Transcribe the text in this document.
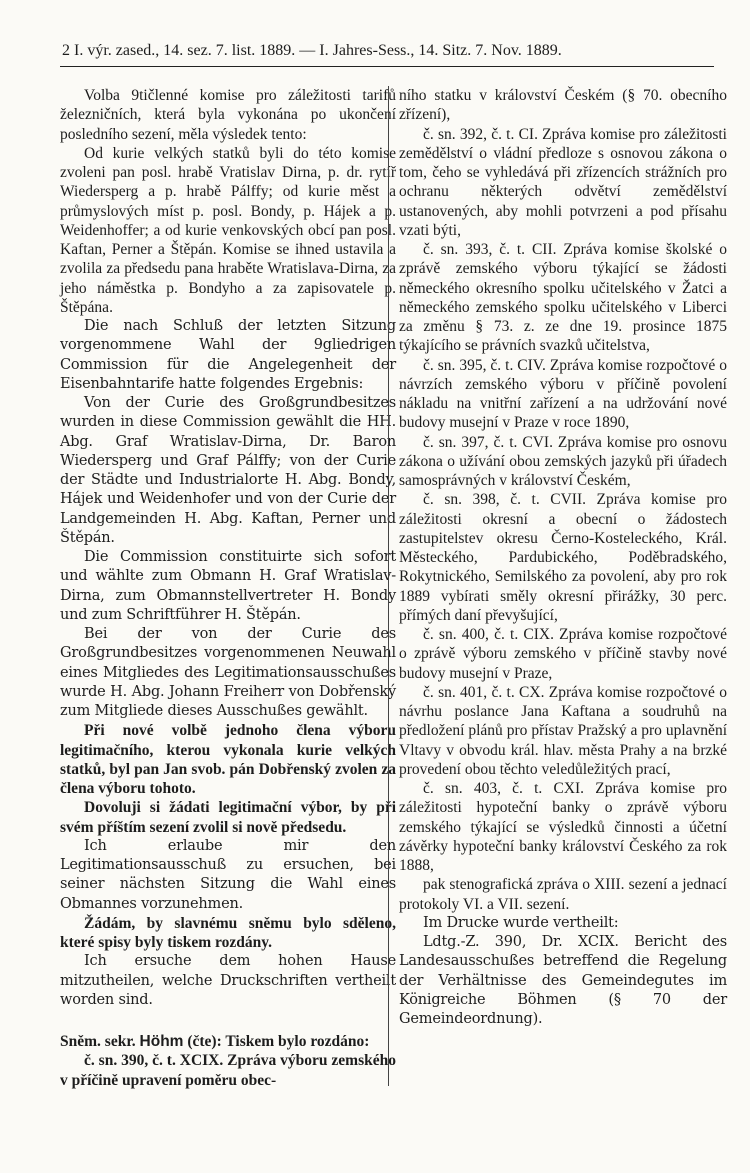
2 I. výr. zased., 14. sez. 7. list. 1889. — I. Jahres-Sess., 14. Sitz. 7. Nov. 1889.

Volba 9tičlenné komise pro záležitosti tarifů železničních, která byla vykonána po ukončení posledního sezení, měla výsledek tento:

Od kurie velkých statků byli do této komise zvoleni pan posl. hrabě Vratislav Dirna, p. dr. rytíř Wiedersperg a p. hrabě Pálffy; od kurie měst a průmyslových míst p. posl. Bondy, p. Hájek a p. Weidenhoffer; a od kurie venkovských obcí pan posl. Kaftan, Perner a Štěpán. Komise se ihned ustavila a zvolila za předsedu pana hraběte Wratislava-Dirna, za jeho náměstka p. Bondyho a za zapisovatele p. Štěpána.

Die nach Schluß der letzten Sitzung vorgenommene Wahl der 9gliedrigen Commission für die Angelegenheit der Eisenbahntarife hatte folgendes Ergebnis:

Von der Curie des Großgrundbesitzes wurden in diese Commission gewählt die HH. Abg. Graf Wratislav-Dirna, Dr. Baron Wiedersperg und Graf Pálffy; von der Curie der Städte und Industrialorte H. Abg. Bondy, Hájek und Weidenhofer und von der Curie der Landgemeinden H. Abg. Kaftan, Perner und Štěpán.

Die Commission constituirte sich sofort und wählte zum Obmann H. Graf Wratislav-Dirna, zum Obmannstellvertreter H. Bondy und zum Schriftführer H. Štěpán.

Bei der von der Curie des Großgrundbesitzes vorgenommenen Neuwahl eines Mitgliedes des Legitimationsausschußes wurde H. Abg. Johann Freiherr von Dobřenský zum Mitgliede dieses Ausschußes gewählt.

Při nové volbě jednoho člena výboru legitimačního, kterou vykonala kurie velkých statků, byl pan Jan svob. pán Dobřenský zvolen za člena výboru tohoto.

Dovoluji si žádati legitimační výbor, by při svém příštím sezení zvolil si nově předsedu.

Ich erlaube mir den Legitimationsausschuß zu ersuchen, bei seiner nächsten Sitzung die Wahl eines Obmannes vorzunehmen.

Žádám, by slavnému sněmu bylo sděleno, které spisy byly tiskem rozdány.

Ich ersuche dem hohen Hause mitzutheilen, welche Druckschriften vertheilt worden sind.

Sněm. sekr. Höhm (čte): Tiskem bylo rozdáno:

č. sn. 390, č. t. XCIX. Zpráva výboru zemského v příčině upravení poměru obec-

ního statku v království Českém (§ 70. obecního zřízení),

č. sn. 392, č. t. CI. Zpráva komise pro záležitosti zemědělství o vládní předloze s osnovou zákona o tom, čeho se vyhledává při zřízencích strážních pro ochranu některých odvětví zemědělství ustanovených, aby mohli potvrzeni a pod přísahu vzati býti,

č. sn. 393, č. t. CII. Zpráva komise školské o zprávě zemského výboru týkající se žádosti německého okresního spolku učitelského v Žatci a německého zemského spolku učitelského v Liberci za změnu § 73. z. ze dne 19. prosince 1875 týkajícího se právních svazků učitelstva,

č. sn. 395, č. t. CIV. Zpráva komise rozpočtové o návrzích zemského výboru v příčině povolení nákladu na vnitřní zařízení a na udržování nové budovy musejní v Praze v roce 1890,

č. sn. 397, č. t. CVI. Zpráva komise pro osnovu zákona o užívání obou zemských jazyků při úřadech samosprávných v království Českém,

č. sn. 398, č. t. CVII. Zpráva komise pro záležitosti okresní a obecní o žádostech zastupitelstev okresu Černo-Kosteleckého, Král. Městeckého, Pardubického, Poděbradského, Rokytnického, Semilského za povolení, aby pro rok 1889 vybírati směly okresní přirážky, 30 perc. přímých daní převyšující,

č. sn. 400, č. t. CIX. Zpráva komise rozpočtové o zprávě výboru zemského v příčině stavby nové budovy musejní v Praze,

č. sn. 401, č. t. CX. Zpráva komise rozpočtové o návrhu poslance Jana Kaftana a soudruhů na předložení plánů pro přístav Pražský a pro uplavnění Vltavy v obvodu král. hlav. města Prahy a na brzké provedení obou těchto veledůležitých prací,

č. sn. 403, č. t. CXI. Zpráva komise pro záležitosti hypoteční banky o zprávě výboru zemského týkající se výsledků činnosti a účetní závěrky hypoteční banky království Českého za rok 1888,

pak stenografická zpráva o XIII. sezení a jednací protokoly VI. a VII. sezení.

Im Drucke wurde vertheilt:

Ldtg.-Z. 390, Dr. XCIX. Bericht des Landesausschußes betreffend die Regelung der Verhältnisse des Gemeindegutes im Königreiche Böhmen (§ 70 der Gemeindeordnung).
